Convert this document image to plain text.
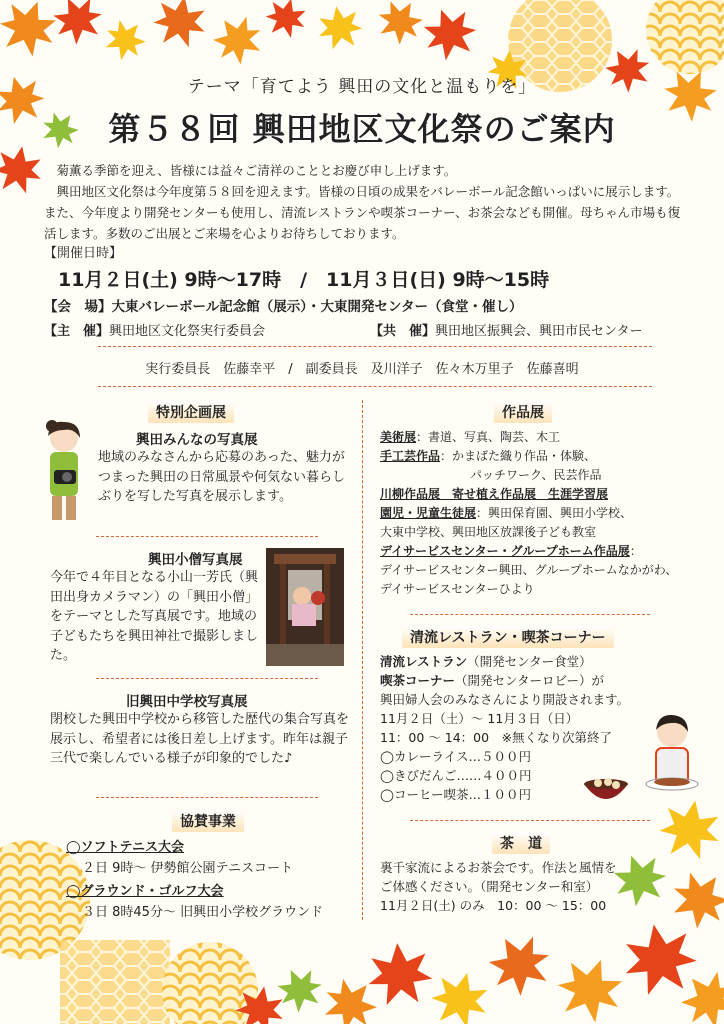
テーマ「育てよう 興田の文化と温もりを」
第５８回 興田地区文化祭のご案内

菊薫る季節を迎え、皆様には益々ご清祥のこととお慶び申し上げます。

興田地区文化祭は今年度第５８回を迎えます。皆様の日頃の成果をバレーボール記念館いっぱいに展示します。また、今年度より開発センターも使用し、清流レストランや喫茶コーナー、お茶会なども開催。母ちゃん市場も復活します。多数のご出展とご来場を心よりお待ちしております。

【開催日時】
11月２日(土) 9時〜17時　/　11月３日(日) 9時〜15時
【会　場】大東バレーボール記念館（展示）・大東開発センター（食堂・催し）
【主　催】興田地区文化祭実行委員会	【共　催】興田地区振興会、興田市民センター
実行委員長　佐藤幸平　/　副委員長　及川洋子　佐々木万里子　佐藤喜明
特別企画展
興田みんなの写真展
地域のみなさんから応募のあった、魅力がつまった興田の日常風景や何気ない暮らしぶりを写した写真を展示します。
興田小僧写真展
今年で４年目となる小山一芳氏（興田出身カメラマン）の「興田小僧」をテーマとした写真展です。地域の子どもたちを興田神社で撮影しました。
旧興田中学校写真展
閉校した興田中学校から移管した歴代の集合写真を展示し、希望者には後日差し上げます。昨年は親子三代で楽しんでいる様子が印象的でした♪
協賛事業
◯ソフトテニス大会
２日 9時〜 伊勢館公園テニスコート
◯グラウンド・ゴルフ大会
３日 8時45分〜 旧興田小学校グラウンド
作品展
美術展：書道、写真、陶芸、木工
手工芸作品：かまばた織り作品・体験、
パッチワーク、民芸作品
川柳作品展　寄せ植え作品展　生涯学習展
園児・児童生徒展：興田保育園、興田小学校、
大東中学校、興田地区放課後子ども教室
デイサービスセンター・グループホーム作品展：
デイサービスセンター興田、グループホームなかがわ、
デイサービスセンターひより
清流レストラン・喫茶コーナー
清流レストラン（開発センター食堂）
喫茶コーナー（開発センターロビー）が
興田婦人会のみなさんにより開設されます。
11月２日（土）〜 11月３日（日）
11：00 〜 14：00　※無くなり次第終了
◯カレーライス…５００円
◯きびだんご……４００円
◯コーヒー喫茶…１００円
茶　道
裏千家流によるお茶会です。作法と風情を
ご体感ください。（開発センター和室）
11月２日(土) のみ　10：00 〜 15：00
